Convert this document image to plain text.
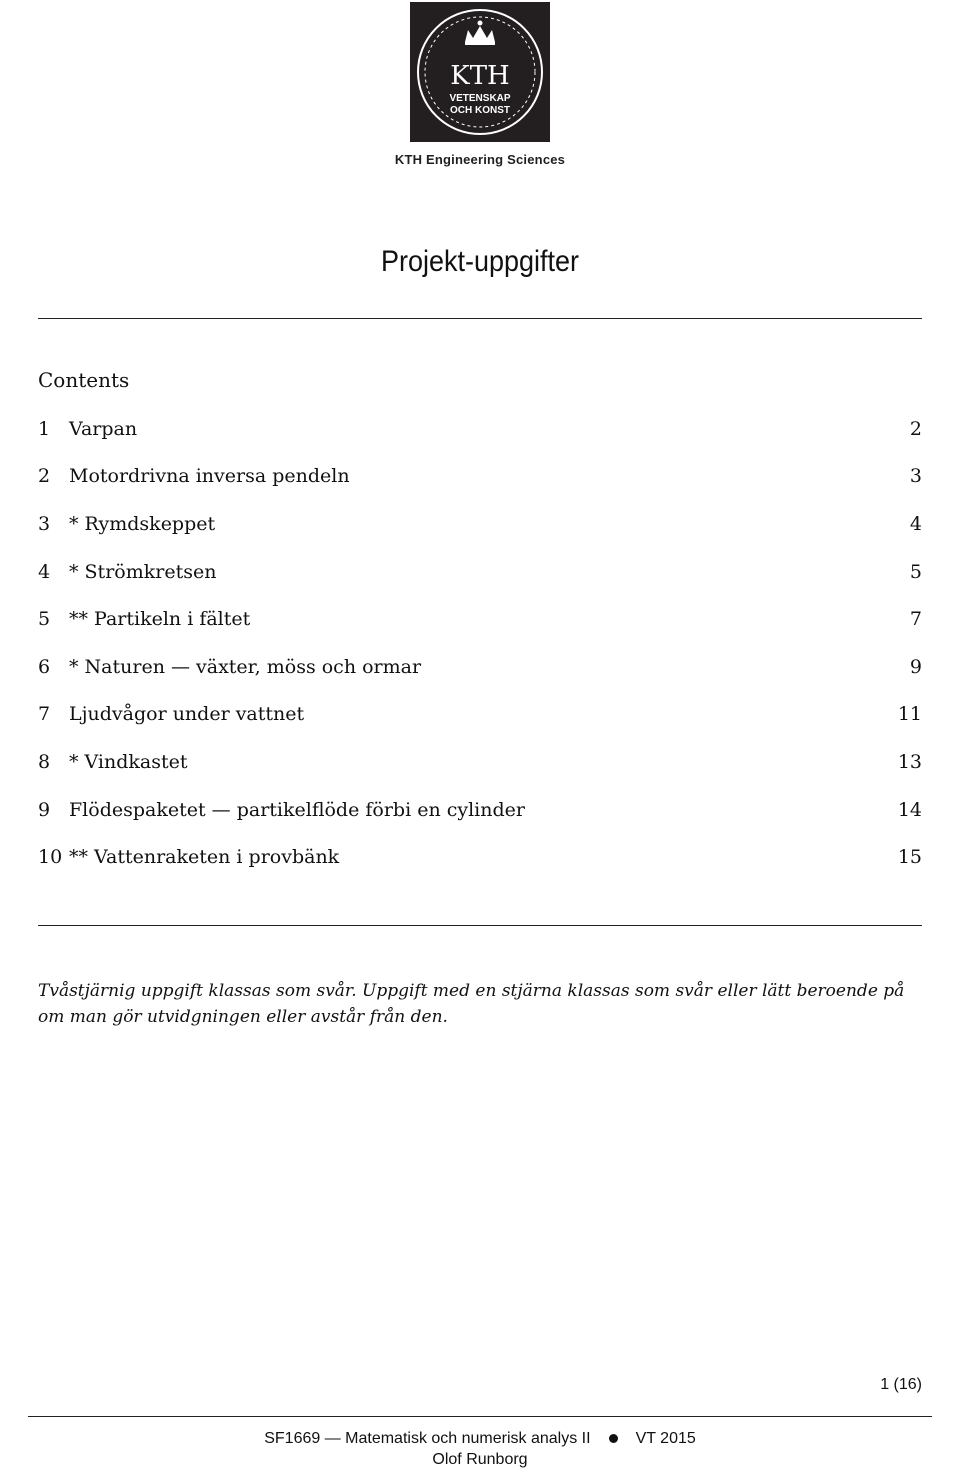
KTH
VETENSKAP
OCH KONST
KTH Engineering Sciences
Projekt-uppgifter
Contents
1 Varpan	2
2 Motordrivna inversa pendeln	3
3 * Rymdskeppet	4
4 * Strömkretsen	5
5 ** Partikeln i fältet	7
6 * Naturen — växter, möss och ormar	9
7 Ljudvågor under vattnet	11
8 * Vindkastet	13
9 Flödespaketet — partikelflöde förbi en cylinder	14
10 ** Vattenraketen i provbänk	15
Tvåstjärnig uppgift klassas som svår. Uppgift med en stjärna klassas som svår eller lätt beroende på om man gör utvidgningen eller avstår från den.
1 (16)
SF1669 — Matematisk och numerisk analys II	VT 2015
Olof Runborg
